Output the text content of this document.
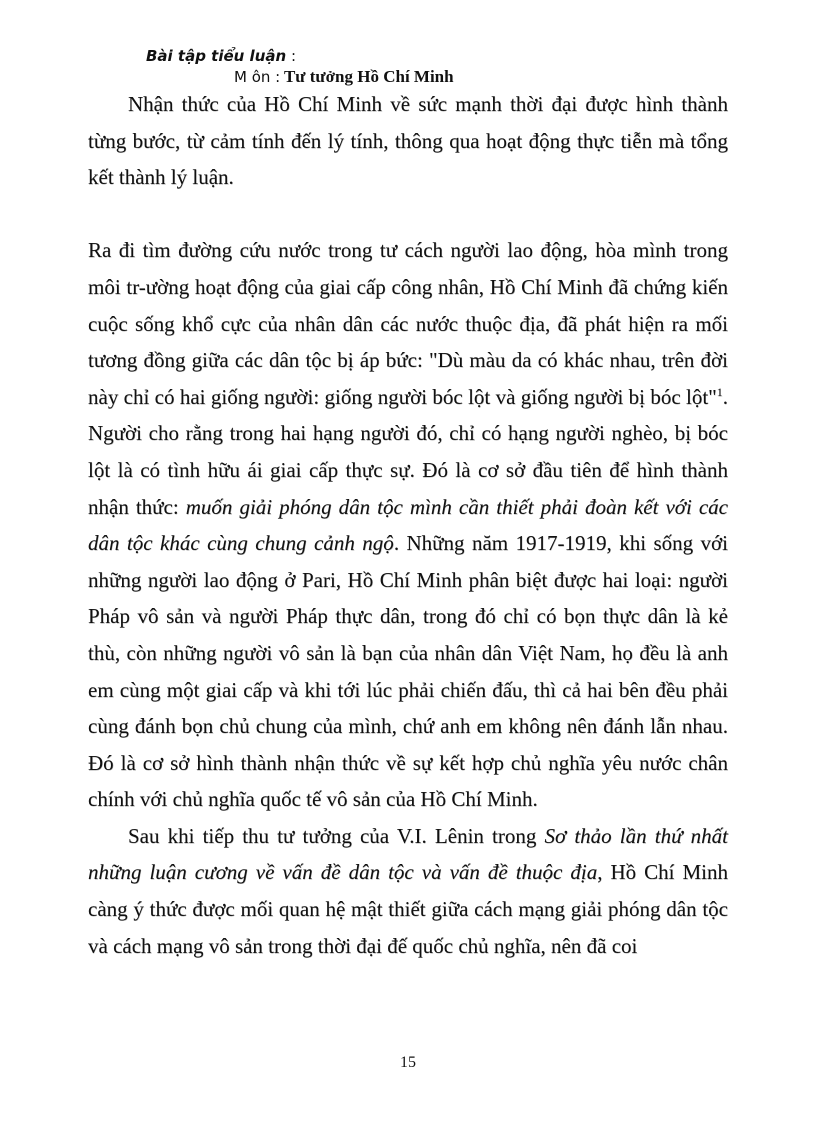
Bài tập tiểu luận :
M ôn : Tư tưởng Hồ Chí Minh

Nhận thức của Hồ Chí Minh về sức mạnh thời đại được hình thành từng bước, từ cảm tính đến lý tính, thông qua hoạt động thực tiễn mà tổng kết thành lý luận.

Ra đi tìm đường cứu nước trong tư cách người lao động, hòa mình trong môi tr-ường hoạt động của giai cấp công nhân, Hồ Chí Minh đã chứng kiến cuộc sống khổ cực của nhân dân các nước thuộc địa, đã phát hiện ra mối tương đồng giữa các dân tộc bị áp bức: "Dù màu da có khác nhau, trên đời này chỉ có hai giống người: giống người bóc lột và giống người bị bóc lột"$^1$. Người cho rằng trong hai hạng người đó, chỉ có hạng người nghèo, bị bóc lột là có tình hữu ái giai cấp thực sự. Đó là cơ sở đầu tiên để hình thành nhận thức: muốn giải phóng dân tộc mình cần thiết phải đoàn kết với các dân tộc khác cùng chung cảnh ngộ. Những năm 1917-1919, khi sống với những người lao động ở Pari, Hồ Chí Minh phân biệt được hai loại: người Pháp vô sản và người Pháp thực dân, trong đó chỉ có bọn thực dân là kẻ thù, còn những người vô sản là bạn của nhân dân Việt Nam, họ đều là anh em cùng một giai cấp và khi tới lúc phải chiến đấu, thì cả hai bên đều phải cùng đánh bọn chủ chung của mình, chứ anh em không nên đánh lẫn nhau. Đó là cơ sở hình thành nhận thức về sự kết hợp chủ nghĩa yêu nước chân chính với chủ nghĩa quốc tế vô sản của Hồ Chí Minh.

Sau khi tiếp thu tư tưởng của V.I. Lênin trong Sơ thảo lần thứ nhất những luận cương về vấn đề dân tộc và vấn đề thuộc địa, Hồ Chí Minh càng ý thức được mối quan hệ mật thiết giữa cách mạng giải phóng dân tộc và cách mạng vô sản trong thời đại đế quốc chủ nghĩa, nên đã coi

15
